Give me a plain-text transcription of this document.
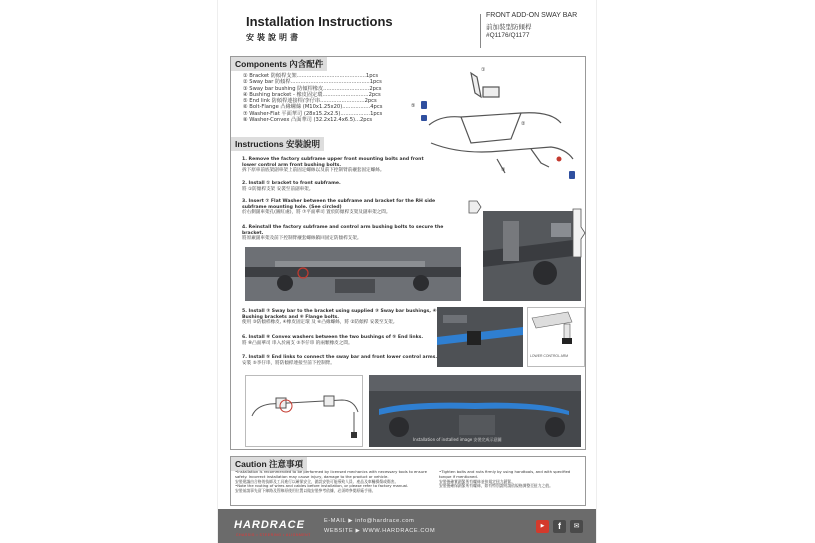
Installation Instructions
安裝說明書
FRONT ADD-ON SWAY BAR
前加裝型防傾桿
#Q1176/Q1177
Components 內含配件
① Bracket 防傾桿支架..........................................1pcs
② Sway bar 防傾桿................................................1pcs
③ Sway bar bushing 防傾桿橡皮............................2pcs
④ Bushing bracket - 橡皮固定環............................2pcs
⑤ End link 防傾桿連接桿/李仔串...........................2pcs
⑥ Bolt-Flange 凸緣螺絲 (M10x1.25x20).................4pcs
⑦ Washer-Flat 平面華司 (28x15.2x2.5)..................1pcs
⑧ Washer-Convex 凸面華司 (32.2x12.4x6.5)...2pcs
①
⑤
③
②
Instructions 安裝說明
1. Remove the factory subframe upper front mounting bolts and front lower control arm front bushing bolts.
拆下原車前底架副車架上前固定螺絲以及前下控制臂前襯套固定螺絲。
2. Install ① bracket to front subframe.
將 ①防傾桿支架 安裝至前副車架。
3. Insert ⑦ Flat Washer between the subframe and bracket for the RH side subframe mounting hole. (See circled)
於右側副車架孔(圖紅處)，將 ⑦平面華司 置於防傾桿支架及副車架之間。
4. Reinstall the factory subframe and control arm bushing bolts to secure the bracket.
將原廠副車架及前下控制臂襯套螺絲鎖回固定防傾桿支架。
5. Install ② Sway bar to the bracket using supplied ③ Sway bar bushings, ④ Bushing brackets and ⑥ Flange bolts.
使用 ③防傾桿橡皮, ④橡皮固定環 及 ⑥凸緣螺絲，將 ②防傾桿 安裝至支架。
6. Install ⑧ Convex washers between the two bushings of ⑤ End links.
將 ⑧凸面華司 串入於兩支 ⑤李仔串 的兩顆橡皮之間。
7. Install ⑤ End links to connect the sway bar and front lower control arms.
安裝 ⑤李仔串，將防傾桿連接至前下控制臂。
LOWER CONTROL ARM
Installation of installed image 安裝完成示意圖
Caution 注意事項
•Installation is recommended to be performed by licensed mechanics with necessary tools to ensure safety. Incorrect installation may cause injury, damage to the product or vehicle.
安裝建議由合格的技師及工具進行以確保安全，錯誤安裝可能導致人員、產品及車輛損傷或傷害。
•Note the routing of wires and cables before installation, or please refer to factory manual.
安裝前請事先留下線路及管線原使用位置以做安裝參考依據，必須時參閱原廠手冊。
•Tighten bolts and nuts firmly by using handtools, and with specified torque if mentioned.
安裝後確實鎖緊所有螺絲並按規定扭力鎖緊。
安裝後確保鎖緊所有螺絲，如有特別說明請依規格調整至扭力之值。
HARDRACE
CHASSIS • STEERING • ALIGNMENT
E-MAIL ▶ info@hardrace.com
WEBSITE ▶ WWW.HARDRACE.COM
▶	f	✉
